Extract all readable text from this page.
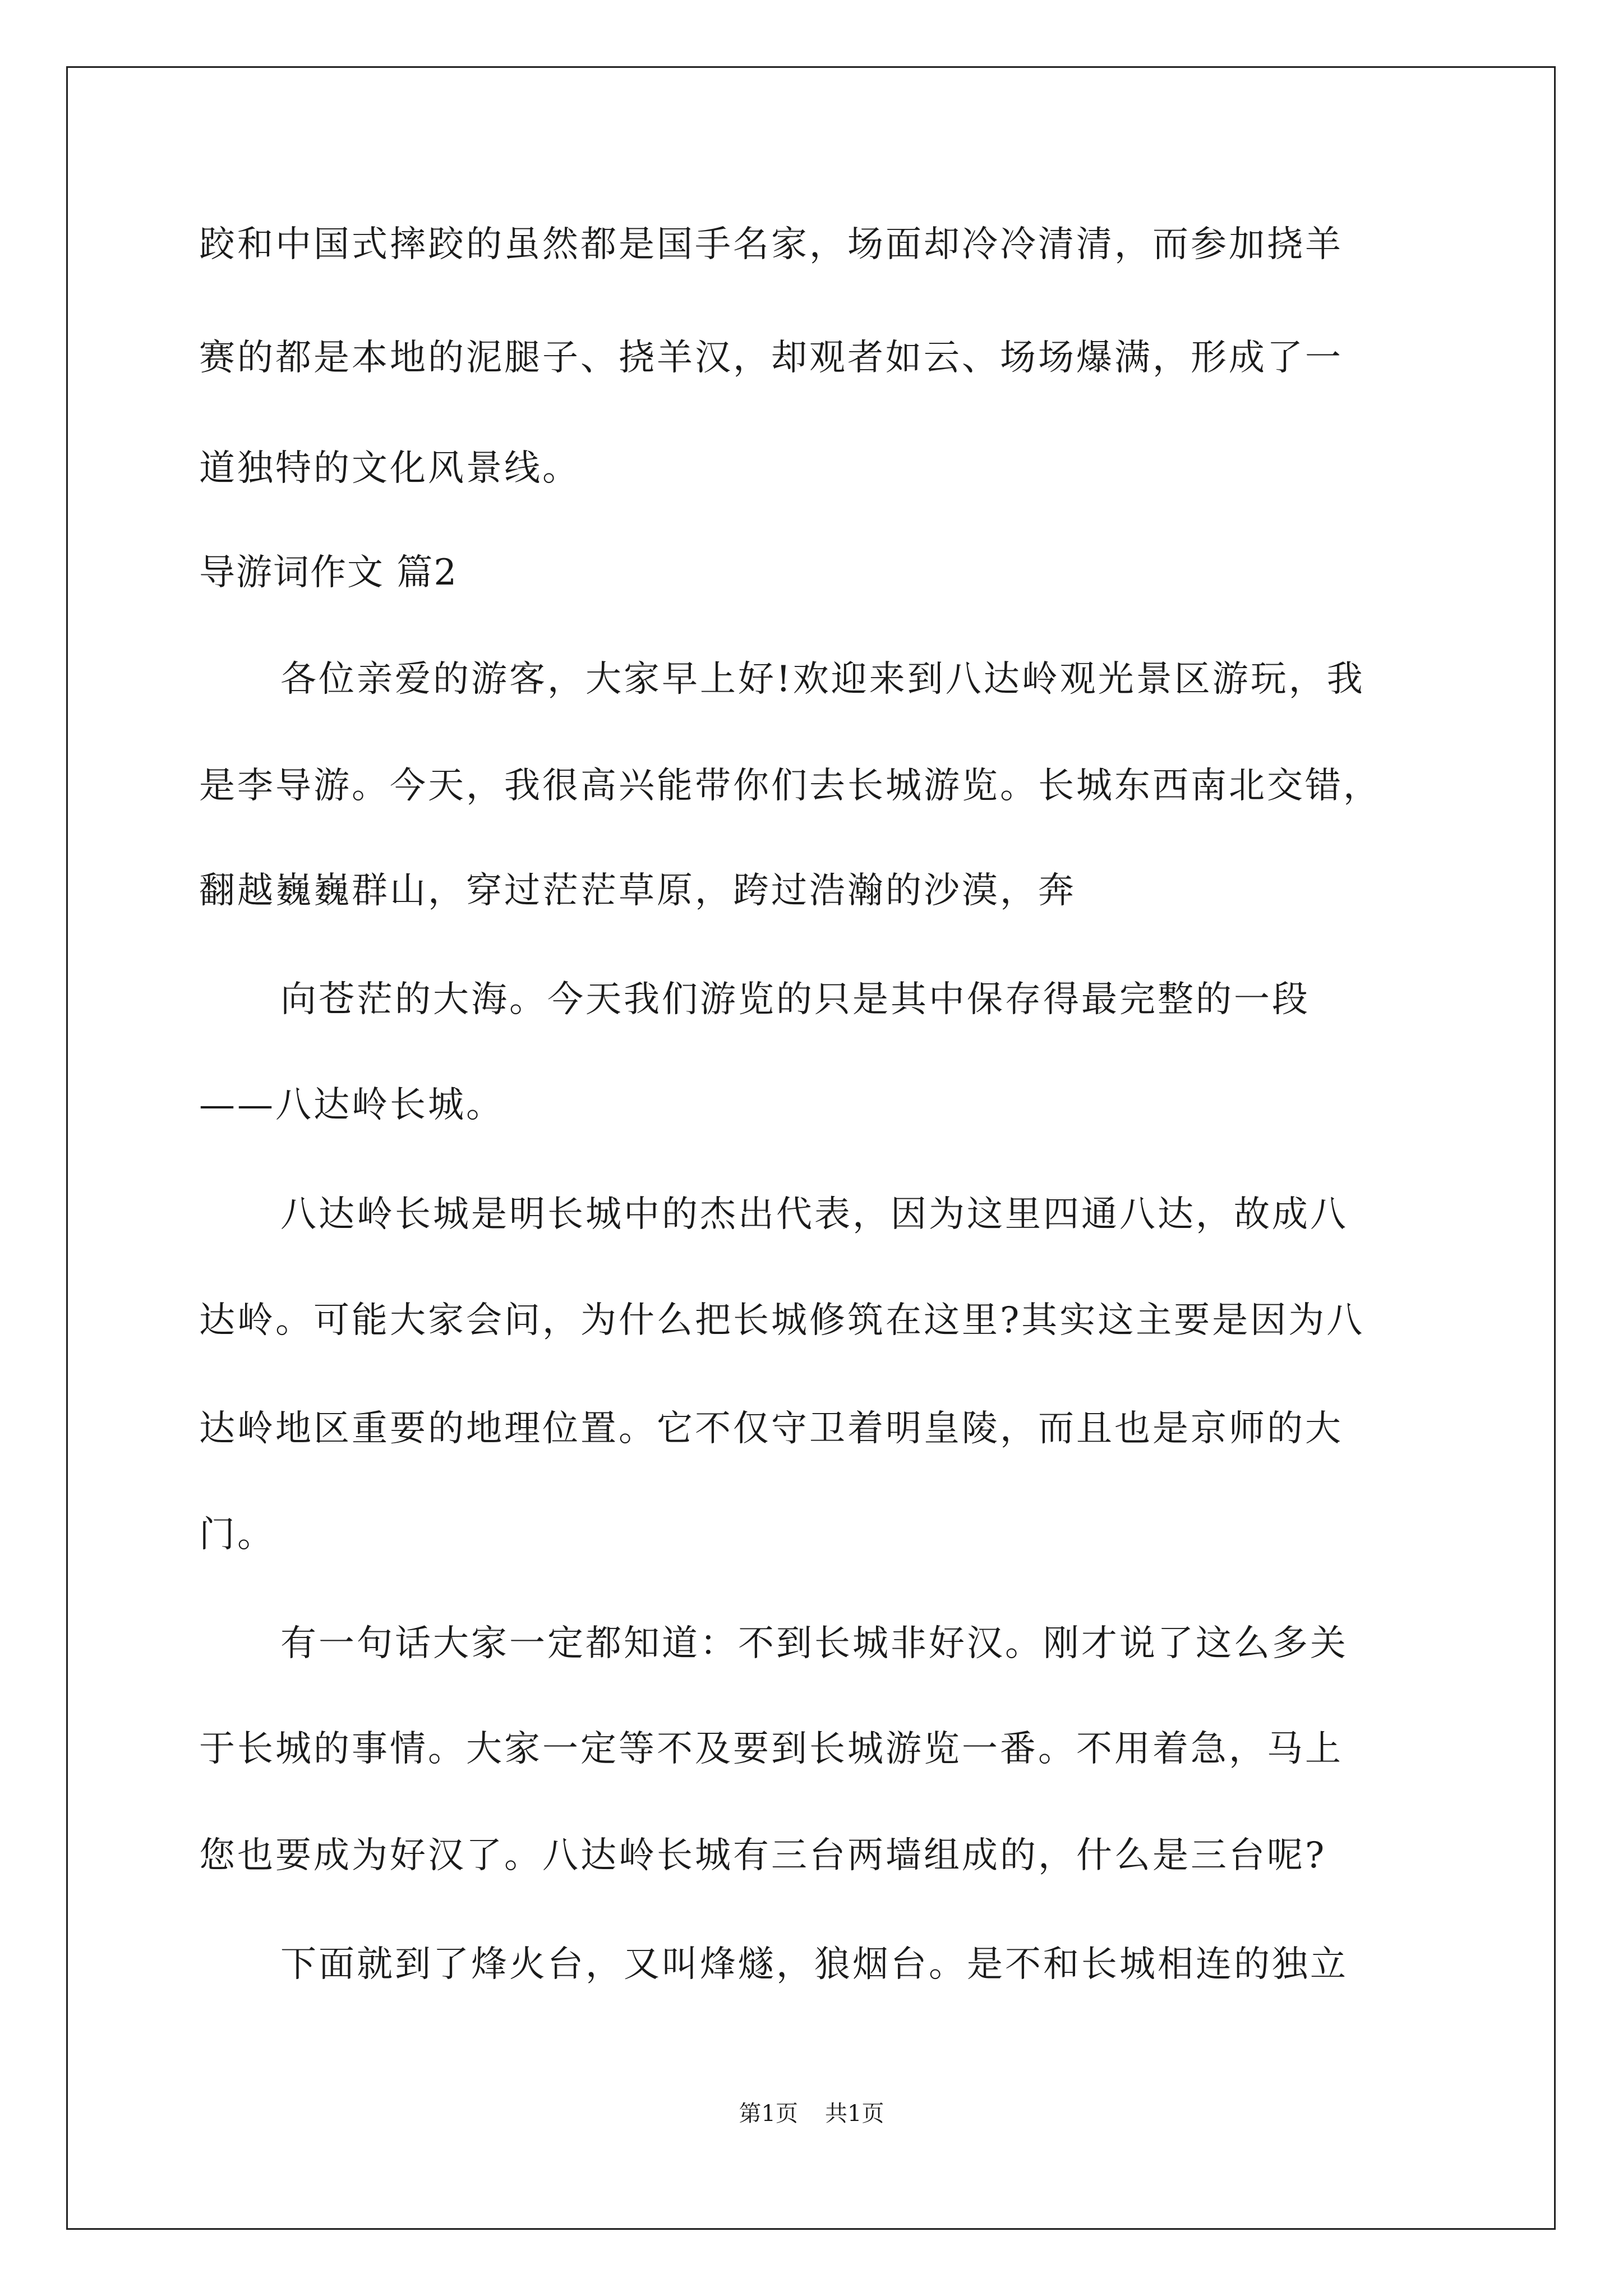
跤和中国式摔跤的虽然都是国手名家，场面却冷冷清清，而参加挠羊
赛的都是本地的泥腿子、挠羊汉，却观者如云、场场爆满，形成了一
道独特的文化风景线。
导游词作文 篇2
各位亲爱的游客，大家早上好!欢迎来到八达岭观光景区游玩，我
是李导游。今天，我很高兴能带你们去长城游览。长城东西南北交错，
翻越巍巍群山，穿过茫茫草原，跨过浩瀚的沙漠，奔
向苍茫的大海。今天我们游览的只是其中保存得最完整的一段
——八达岭长城。
八达岭长城是明长城中的杰出代表，因为这里四通八达，故成八
达岭。可能大家会问，为什么把长城修筑在这里?其实这主要是因为八
达岭地区重要的地理位置。它不仅守卫着明皇陵，而且也是京师的大
门。
有一句话大家一定都知道：不到长城非好汉。刚才说了这么多关
于长城的事情。大家一定等不及要到长城游览一番。不用着急，马上
您也要成为好汉了。八达岭长城有三台两墙组成的，什么是三台呢?
下面就到了烽火台，又叫烽燧，狼烟台。是不和长城相连的独立
第1页 共1页
